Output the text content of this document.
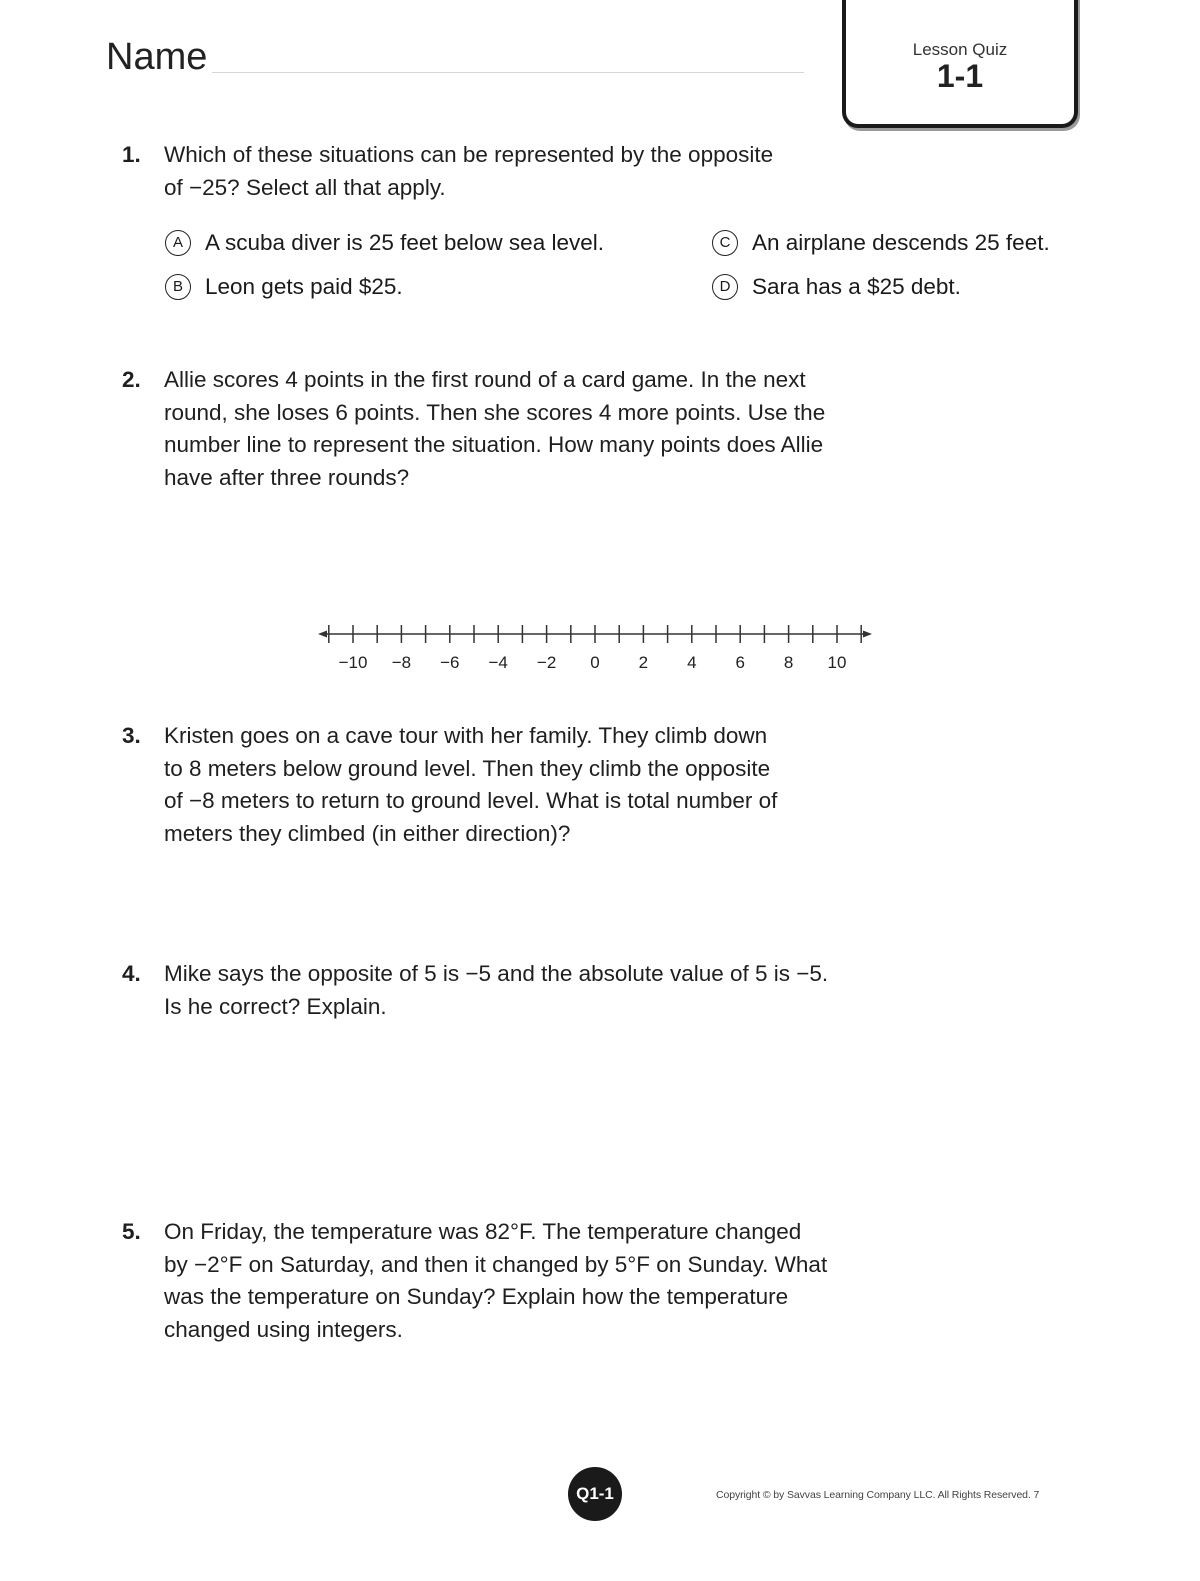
Name	Lesson Quiz
1-1
1. Which of these situations can be represented by the opposite
of −25? Select all that apply.
A A scuba diver is 25 feet below sea level.
B Leon gets paid $25.
C An airplane descends 25 feet.
D Sara has a $25 debt.
2. Allie scores 4 points in the first round of a card game. In the next
round, she loses 6 points. Then she scores 4 more points. Use the
number line to represent the situation. How many points does Allie
have after three rounds?
−10 −8 −6 −4 −2 0 2 4 6 8 10
3. Kristen goes on a cave tour with her family. They climb down
to 8 meters below ground level. Then they climb the opposite
of −8 meters to return to ground level. What is total number of
meters they climbed (in either direction)?
4. Mike says the opposite of 5 is −5 and the absolute value of 5 is −5.
Is he correct? Explain.
5. On Friday, the temperature was 82°F. The temperature changed
by −2°F on Saturday, and then it changed by 5°F on Sunday. What
was the temperature on Sunday? Explain how the temperature
changed using integers.
Q1-1	Copyright © by Savvas Learning Company LLC. All Rights Reserved. 7
